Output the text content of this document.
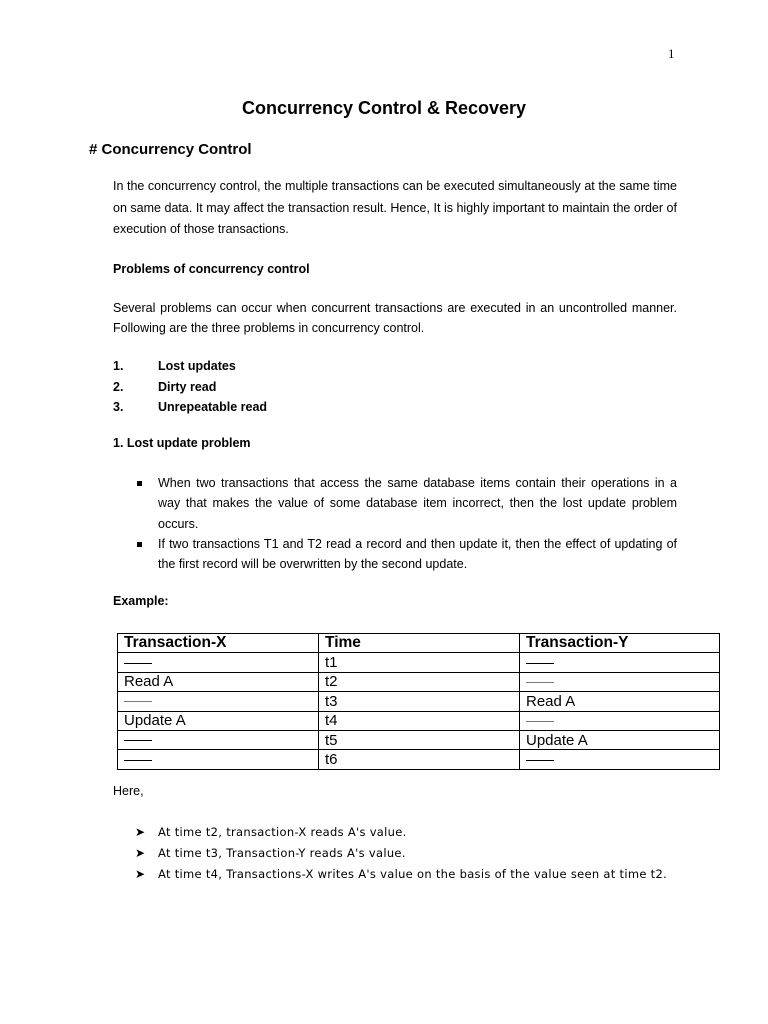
1
Concurrency Control & Recovery
# Concurrency Control
In the concurrency control, the multiple transactions can be executed simultaneously at the same time on same data. It may affect the transaction result. Hence, It is highly important to maintain the order of execution of those transactions.
Problems of concurrency control
Several problems can occur when concurrent transactions are executed in an uncontrolled manner. Following are the three problems in concurrency control.
1.	Lost updates
2.	Dirty read
3.	Unrepeatable read
1. Lost update problem
When two transactions that access the same database items contain their operations in a way that makes the value of some database item incorrect, then the lost update problem occurs.
If two transactions T1 and T2 read a record and then update it, then the effect of updating of the first record will be overwritten by the second update.
Example:
Transaction-X	Time	Transaction-Y
	t1	
Read A	t2	
	t3	Read A
Update A	t4	
	t5	Update A
	t6	
Here,
➤ At time t2, transaction-X reads A's value.
➤ At time t3, Transaction-Y reads A's value.
➤ At time t4, Transactions-X writes A's value on the basis of the value seen at time t2.
